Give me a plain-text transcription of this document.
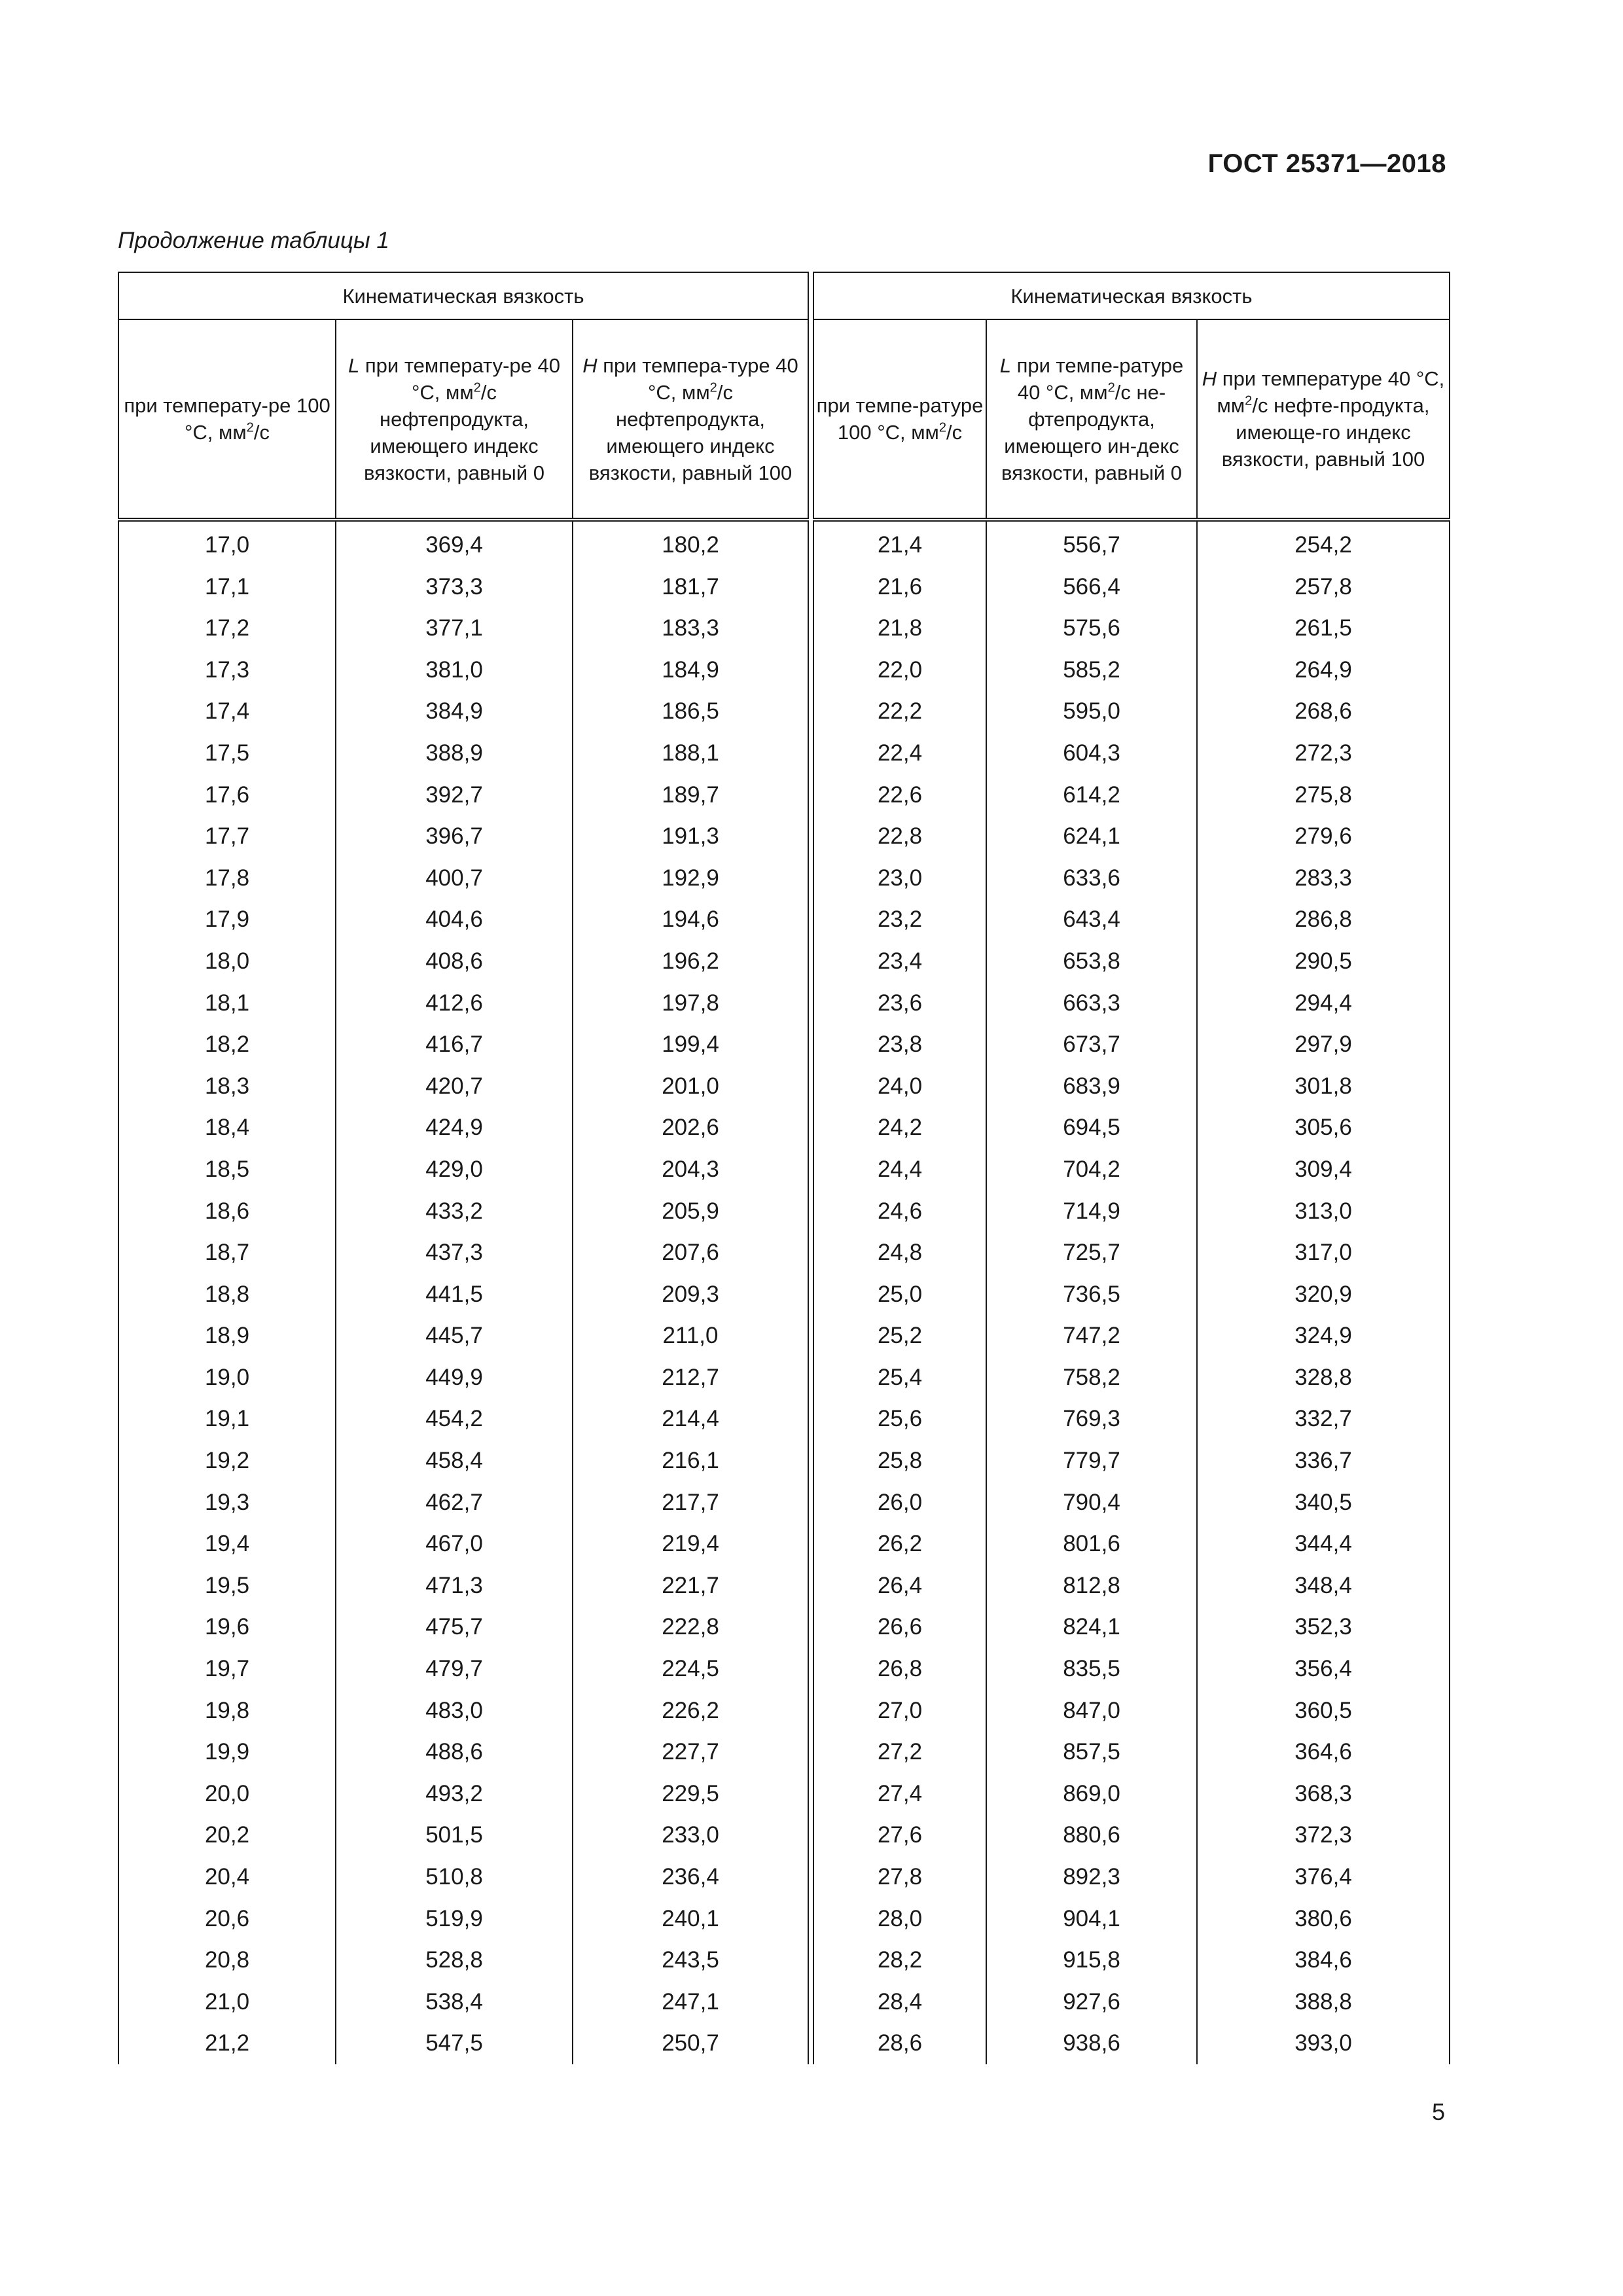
ГОСТ 25371—2018
Продолжение таблицы 1
Кинематическая вязкость		
при температу-ре 100 °С, $мм^2/с$	L при температу-ре 40 °С, $мм^2/с$ нефтепродукта, имеющего индекс вязкости, равный 0	H при темпера-туре 40 °С, $мм^2/с$ нефтепродукта, имеющего индекс вязкости, равный 100
17,0	369,4	180,2
17,1	373,3	181,7
17,2	377,1	183,3
17,3	381,0	184,9
17,4	384,9	186,5
17,5	388,9	188,1
17,6	392,7	189,7
17,7	396,7	191,3
17,8	400,7	192,9
17,9	404,6	194,6
18,0	408,6	196,2
18,1	412,6	197,8
18,2	416,7	199,4
18,3	420,7	201,0
18,4	424,9	202,6
18,5	429,0	204,3
18,6	433,2	205,9
18,7	437,3	207,6
18,8	441,5	209,3
18,9	445,7	211,0
19,0	449,9	212,7
19,1	454,2	214,4
19,2	458,4	216,1
19,3	462,7	217,7
19,4	467,0	219,4
19,5	471,3	221,7
19,6	475,7	222,8
19,7	479,7	224,5
19,8	483,0	226,2
19,9	488,6	227,7
20,0	493,2	229,5
20,2	501,5	233,0
20,4	510,8	236,4
20,6	519,9	240,1
20,8	528,8	243,5
21,0	538,4	247,1
21,2	547,5	250,7
Кинематическая вязкость		
при темпе-ратуре 100 °С, $мм^2/с$	L при темпе-ратуре 40 °С, $мм^2/с$ не-фтепродукта, имеющего ин-декс вязкости, равный 0	H при температуре 40 °С, $мм^2/с$ нефте-продукта, имеюще-го индекс вязкости, равный 100
21,4	556,7	254,2
21,6	566,4	257,8
21,8	575,6	261,5
22,0	585,2	264,9
22,2	595,0	268,6
22,4	604,3	272,3
22,6	614,2	275,8
22,8	624,1	279,6
23,0	633,6	283,3
23,2	643,4	286,8
23,4	653,8	290,5
23,6	663,3	294,4
23,8	673,7	297,9
24,0	683,9	301,8
24,2	694,5	305,6
24,4	704,2	309,4
24,6	714,9	313,0
24,8	725,7	317,0
25,0	736,5	320,9
25,2	747,2	324,9
25,4	758,2	328,8
25,6	769,3	332,7
25,8	779,7	336,7
26,0	790,4	340,5
26,2	801,6	344,4
26,4	812,8	348,4
26,6	824,1	352,3
26,8	835,5	356,4
27,0	847,0	360,5
27,2	857,5	364,6
27,4	869,0	368,3
27,6	880,6	372,3
27,8	892,3	376,4
28,0	904,1	380,6
28,2	915,8	384,6
28,4	927,6	388,8
28,6	938,6	393,0
5
